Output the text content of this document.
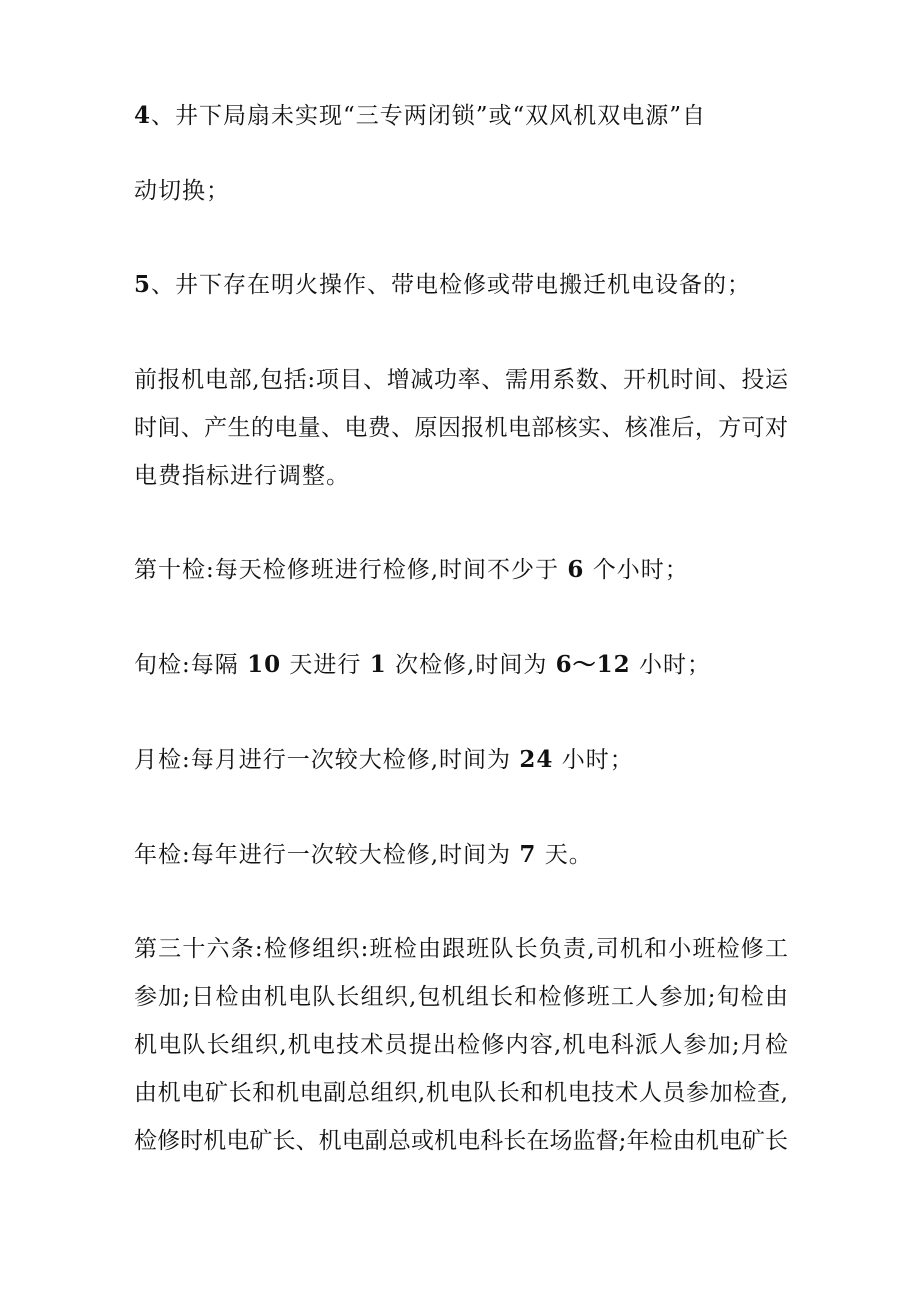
4、井下局扇未实现“三专两闭锁”或“双风机双电源”自
动切换；
5、井下存在明火操作、带电检修或带电搬迁机电设备的；
前报机电部,包括:项目、增减功率、需用系数、开机时间、投运
时间、产生的电量、电费、原因报机电部核实、核准后，方可对
电费指标进行调整。
第十检:每天检修班进行检修,时间不少于 6 个小时；
旬检:每隔 10 天进行 1 次检修,时间为 6～12 小时；
月检:每月进行一次较大检修,时间为 24 小时；
年检:每年进行一次较大检修,时间为 7 天。
第三十六条:检修组织:班检由跟班队长负责,司机和小班检修工
参加;日检由机电队长组织,包机组长和检修班工人参加;旬检由
机电队长组织,机电技术员提出检修内容,机电科派人参加;月检
由机电矿长和机电副总组织,机电队长和机电技术人员参加检查,
检修时机电矿长、机电副总或机电科长在场监督;年检由机电矿长
